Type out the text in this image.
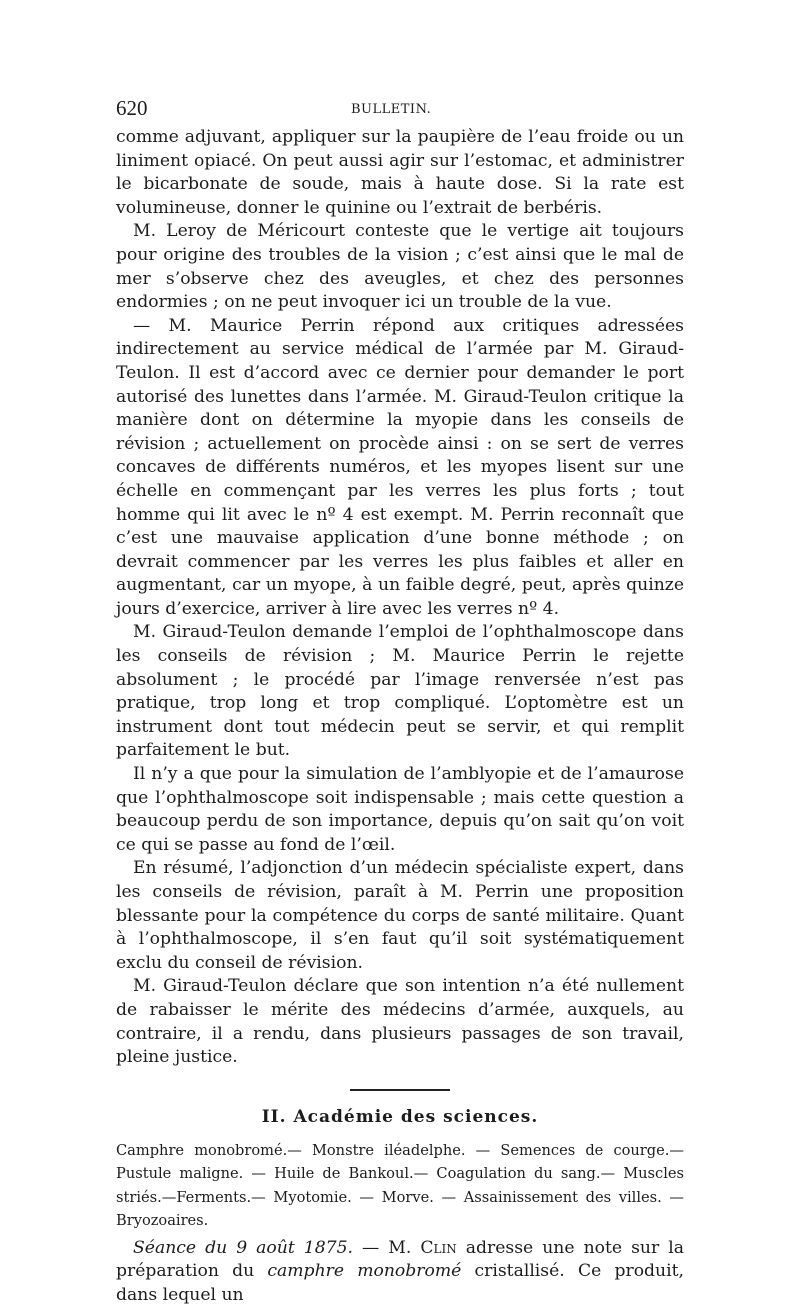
620	BULLETIN.

comme adjuvant, appliquer sur la paupière de l’eau froide ou un liniment opiacé. On peut aussi agir sur l’estomac, et administrer le bicarbonate de soude, mais à haute dose. Si la rate est volumineuse, donner le quinine ou l’extrait de berbéris.

M. Leroy de Méricourt conteste que le vertige ait toujours pour origine des troubles de la vision ; c’est ainsi que le mal de mer s’observe chez des aveugles, et chez des personnes endormies ; on ne peut invoquer ici un trouble de la vue.

— M. Maurice Perrin répond aux critiques adressées indirectement au service médical de l’armée par M. Giraud-Teulon. Il est d’accord avec ce dernier pour demander le port autorisé des lunettes dans l’armée. M. Giraud-Teulon critique la manière dont on détermine la myopie dans les conseils de révision ; actuellement on procède ainsi : on se sert de verres concaves de différents numéros, et les myopes lisent sur une échelle en commençant par les verres les plus forts ; tout homme qui lit avec le nº 4 est exempt. M. Perrin reconnaît que c’est une mauvaise application d’une bonne méthode ; on devrait commencer par les verres les plus faibles et aller en augmentant, car un myope, à un faible degré, peut, après quinze jours d’exercice, arriver à lire avec les verres nº 4.

M. Giraud-Teulon demande l’emploi de l’ophthalmoscope dans les conseils de révision ; M. Maurice Perrin le rejette absolument ; le procédé par l’image renversée n’est pas pratique, trop long et trop compliqué. L’optomètre est un instrument dont tout médecin peut se servir, et qui remplit parfaitement le but.

Il n’y a que pour la simulation de l’amblyopie et de l’amaurose que l’ophthalmoscope soit indispensable ; mais cette question a beaucoup perdu de son importance, depuis qu’on sait qu’on voit ce qui se passe au fond de l’œil.

En résumé, l’adjonction d’un médecin spécialiste expert, dans les conseils de révision, paraît à M. Perrin une proposition blessante pour la compétence du corps de santé militaire. Quant à l’ophthalmoscope, il s’en faut qu’il soit systématiquement exclu du conseil de révision.

M. Giraud-Teulon déclare que son intention n’a été nullement de rabaisser le mérite des médecins d’armée, auxquels, au contraire, il a rendu, dans plusieurs passages de son travail, pleine justice.

II. Académie des sciences.

Camphre monobromé.— Monstre iléadelphe. — Semences de courge.— Pustule maligne. — Huile de Bankoul.— Coagulation du sang.— Muscles striés.—Ferments.— Myotomie. — Morve. — Assainissement des villes. — Bryozoaires.

Séance du 9 août 1875. — M. Clin adresse une note sur la préparation du camphre monobromé cristallisé. Ce produit, dans lequel un
